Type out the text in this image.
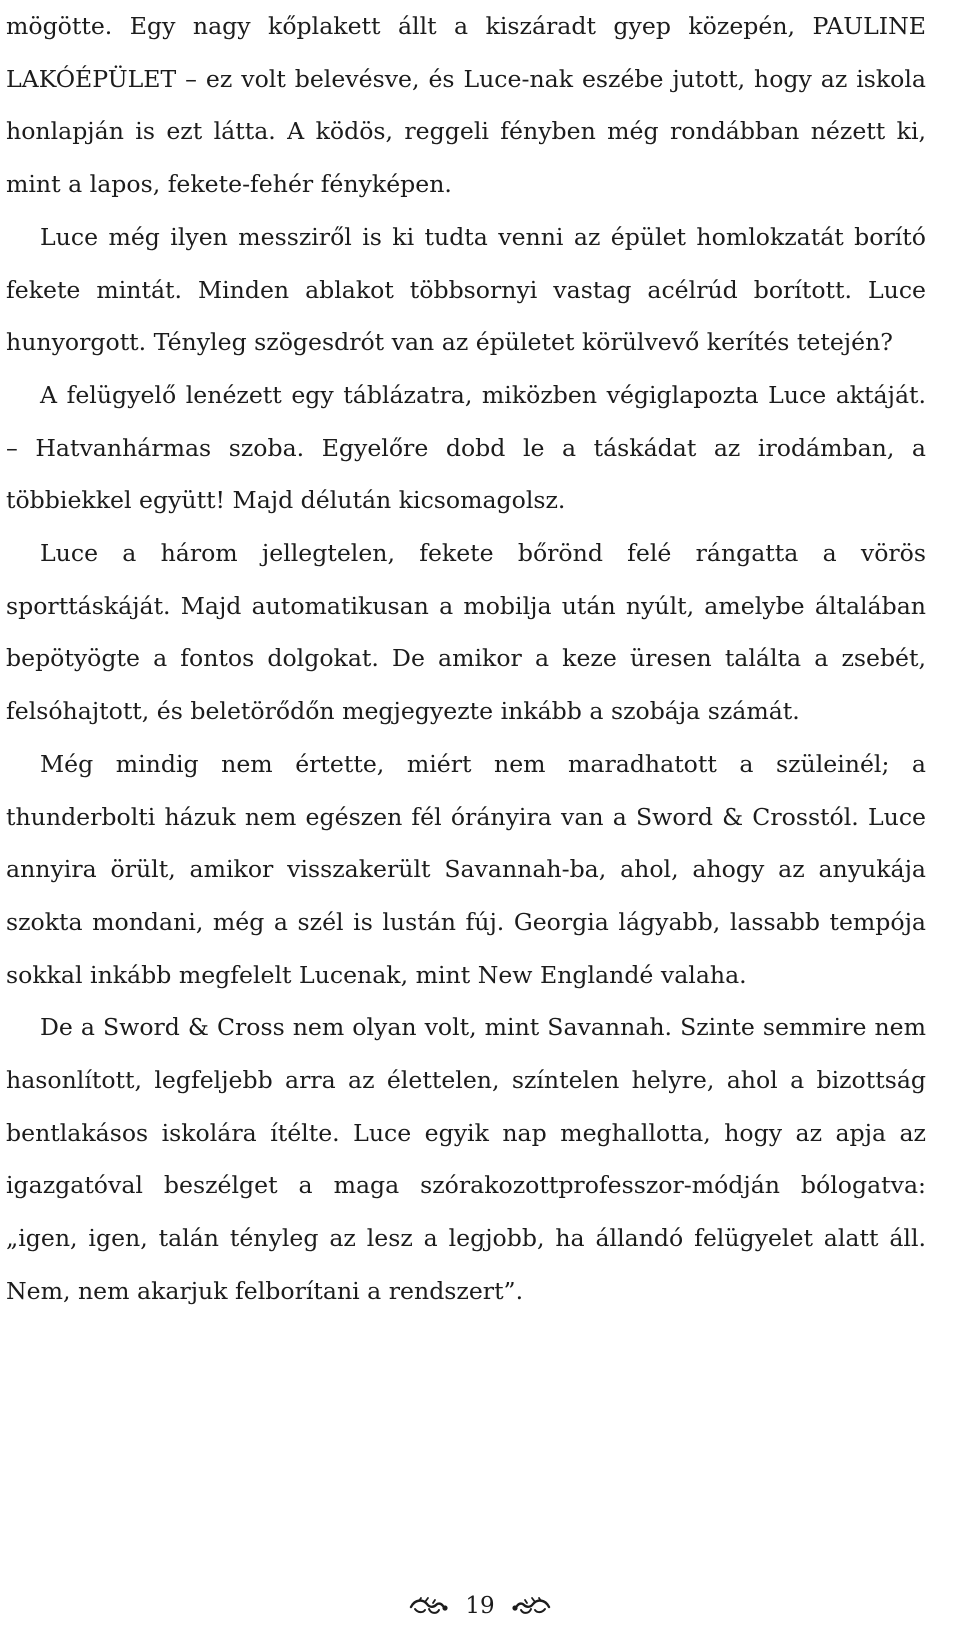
mögötte. Egy nagy kőplakett állt a kiszáradt gyep közepén, PAULINE LAKÓÉPÜLET – ez volt belevésve, és Luce-nak eszébe jutott, hogy az iskola honlapján is ezt látta. A ködös, reggeli fényben még rondábban nézett ki, mint a lapos, fekete-fehér fényképen.

Luce még ilyen messziről is ki tudta venni az épület homlokzatát borító fekete mintát. Minden ablakot többsornyi vastag acélrúd borított. Luce hunyorgott. Tényleg szögesdrót van az épületet körülvevő kerítés tetején?

A felügyelő lenézett egy táblázatra, miközben végiglapozta Luce aktáját. – Hatvanhármas szoba. Egyelőre dobd le a táskádat az irodámban, a többiekkel együtt! Majd délután kicsomagolsz.

Luce a három jellegtelen, fekete bőrönd felé rángatta a vörös sporttáskáját. Majd automatikusan a mobilja után nyúlt, amelybe általában bepötyögte a fontos dolgokat. De amikor a keze üresen találta a zsebét, felsóhajtott, és beletörődőn megjegyezte inkább a szobája számát.

Még mindig nem értette, miért nem maradhatott a szüleinél; a thunderbolti házuk nem egészen fél órányira van a Sword & Crosstól. Luce annyira örült, amikor visszakerült Savannah-ba, ahol, ahogy az anyukája szokta mondani, még a szél is lustán fúj. Georgia lágyabb, lassabb tempója sokkal inkább megfelelt Lucenak, mint New Englandé valaha.

De a Sword & Cross nem olyan volt, mint Savannah. Szinte semmire nem hasonlított, legfeljebb arra az élettelen, színtelen helyre, ahol a bizottság bentlakásos iskolára ítélte. Luce egyik nap meghallotta, hogy az apja az igazgatóval beszélget a maga szórakozottprofesszor-módján bólogatva: „igen, igen, talán tényleg az lesz a legjobb, ha állandó felügyelet alatt áll. Nem, nem akarjuk felborítani a rendszert”.

19
